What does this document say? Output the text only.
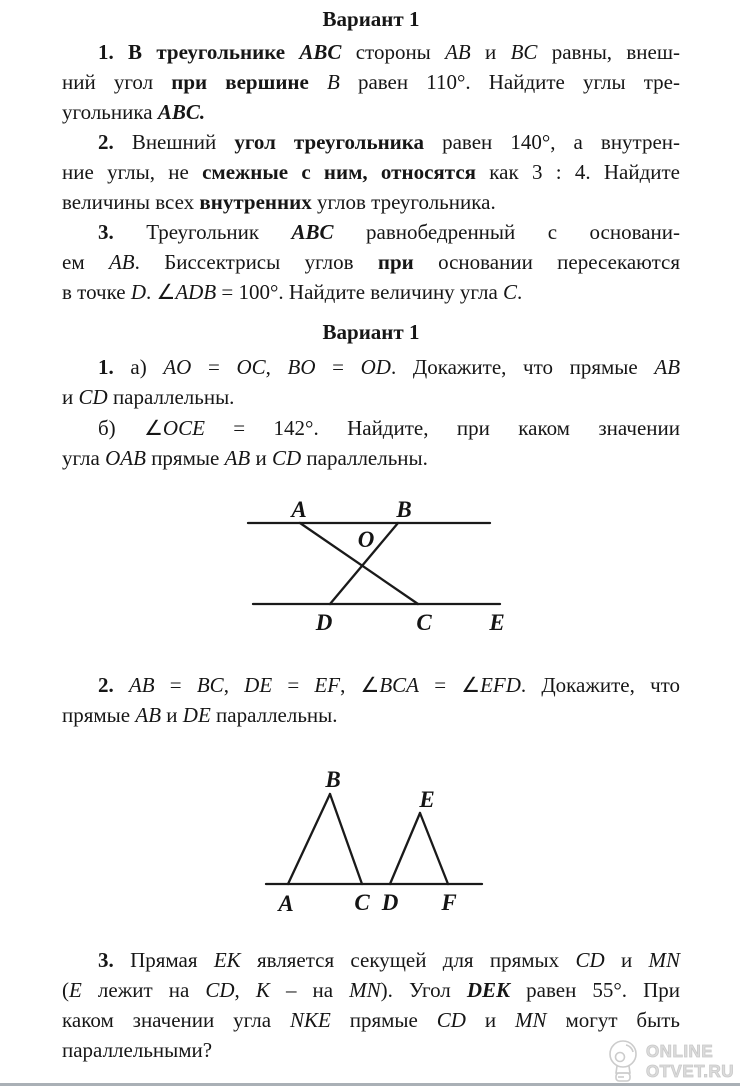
Вариант 1
1. В треугольнике ABC стороны AB и BC равны, внеш-
ний угол при вершине B равен 110°. Найдите углы тре-
угольника ABC.
2. Внешний угол треугольника равен 140°, а внутрен-
ние углы, не смежные с ним, относятся как 3 : 4. Найдите
величины всех внутренних углов треугольника.
3. Треугольник ABC равнобедренный с основани-
ем AB. Биссектрисы углов при основании пересекаются
в точке D. ∠ADB = 100°. Найдите величину угла C.
Вариант 1
1. а) AO = OC, BO = OD. Докажите, что прямые AB
и CD параллельны.
б) ∠OCE = 142°. Найдите, при каком значении
угла OAB прямые AB и CD параллельны.
A	B
O
D	C	E
2. AB = BC, DE = EF, ∠BCA = ∠EFD. Докажите, что
прямые AB и DE параллельны.
B
E
A	C D F
3. Прямая EK является секущей для прямых CD и MN
(E лежит на CD, K – на MN). Угол DEK равен 55°. При
каком значении угла NKE прямые CD и MN могут быть
параллельными?	ONLINE
OTVET.RU
